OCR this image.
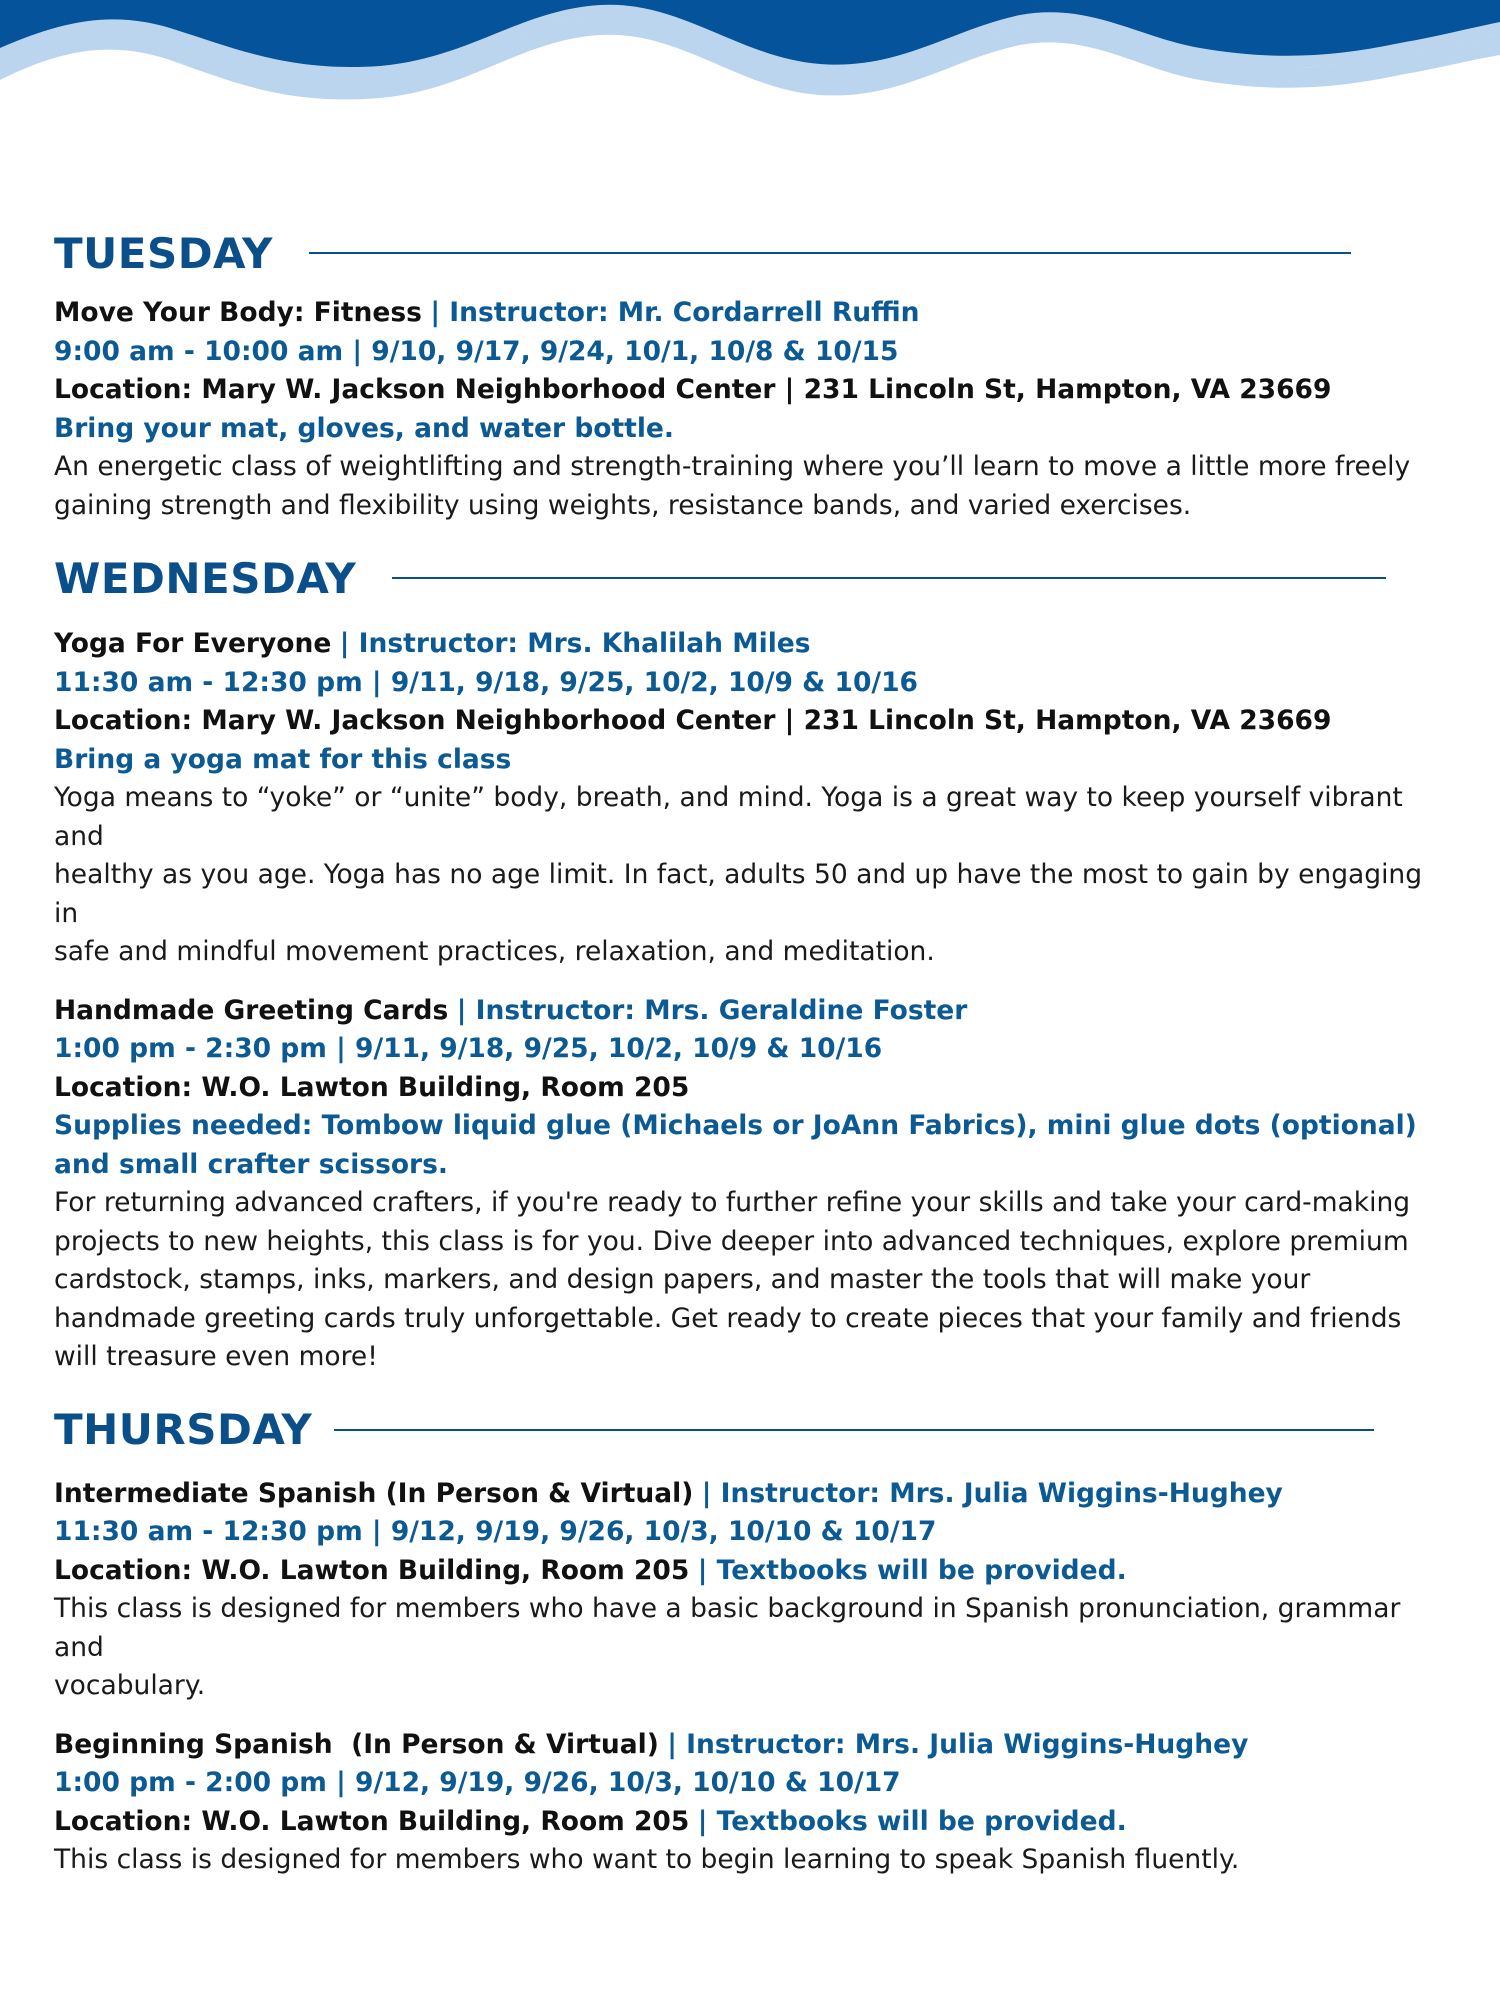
TUESDAY
Move Your Body: Fitness | Instructor: Mr. Cordarrell Ruffin
9:00 am - 10:00 am | 9/10, 9/17, 9/24, 10/1, 10/8 & 10/15
Location: Mary W. Jackson Neighborhood Center | 231 Lincoln St, Hampton, VA 23669
Bring your mat, gloves, and water bottle.
An energetic class of weightlifting and strength-training where you’ll learn to move a little more freely
gaining strength and flexibility using weights, resistance bands, and varied exercises.
WEDNESDAY
Yoga For Everyone | Instructor: Mrs. Khalilah Miles
11:30 am - 12:30 pm | 9/11, 9/18, 9/25, 10/2, 10/9 & 10/16
Location: Mary W. Jackson Neighborhood Center | 231 Lincoln St, Hampton, VA 23669
Bring a yoga mat for this class
Yoga means to “yoke” or “unite” body, breath, and mind. Yoga is a great way to keep yourself vibrant and
healthy as you age. Yoga has no age limit. In fact, adults 50 and up have the most to gain by engaging in
safe and mindful movement practices, relaxation, and meditation.
Handmade Greeting Cards | Instructor: Mrs. Geraldine Foster
1:00 pm - 2:30 pm | 9/11, 9/18, 9/25, 10/2, 10/9 & 10/16
Location: W.O. Lawton Building, Room 205
Supplies needed: Tombow liquid glue (Michaels or JoAnn Fabrics), mini glue dots (optional)
and small crafter scissors.
For returning advanced crafters, if you're ready to further refine your skills and take your card-making
projects to new heights, this class is for you. Dive deeper into advanced techniques, explore premium
cardstock, stamps, inks, markers, and design papers, and master the tools that will make your
handmade greeting cards truly unforgettable. Get ready to create pieces that your family and friends
will treasure even more!
THURSDAY
Intermediate Spanish (In Person & Virtual) | Instructor: Mrs. Julia Wiggins-Hughey
11:30 am - 12:30 pm | 9/12, 9/19, 9/26, 10/3, 10/10 & 10/17
Location: W.O. Lawton Building, Room 205 | Textbooks will be provided.
This class is designed for members who have a basic background in Spanish pronunciation, grammar and
vocabulary.
Beginning Spanish  (In Person & Virtual) | Instructor: Mrs. Julia Wiggins-Hughey
1:00 pm - 2:00 pm | 9/12, 9/19, 9/26, 10/3, 10/10 & 10/17
Location: W.O. Lawton Building, Room 205 | Textbooks will be provided.
This class is designed for members who want to begin learning to speak Spanish fluently.
